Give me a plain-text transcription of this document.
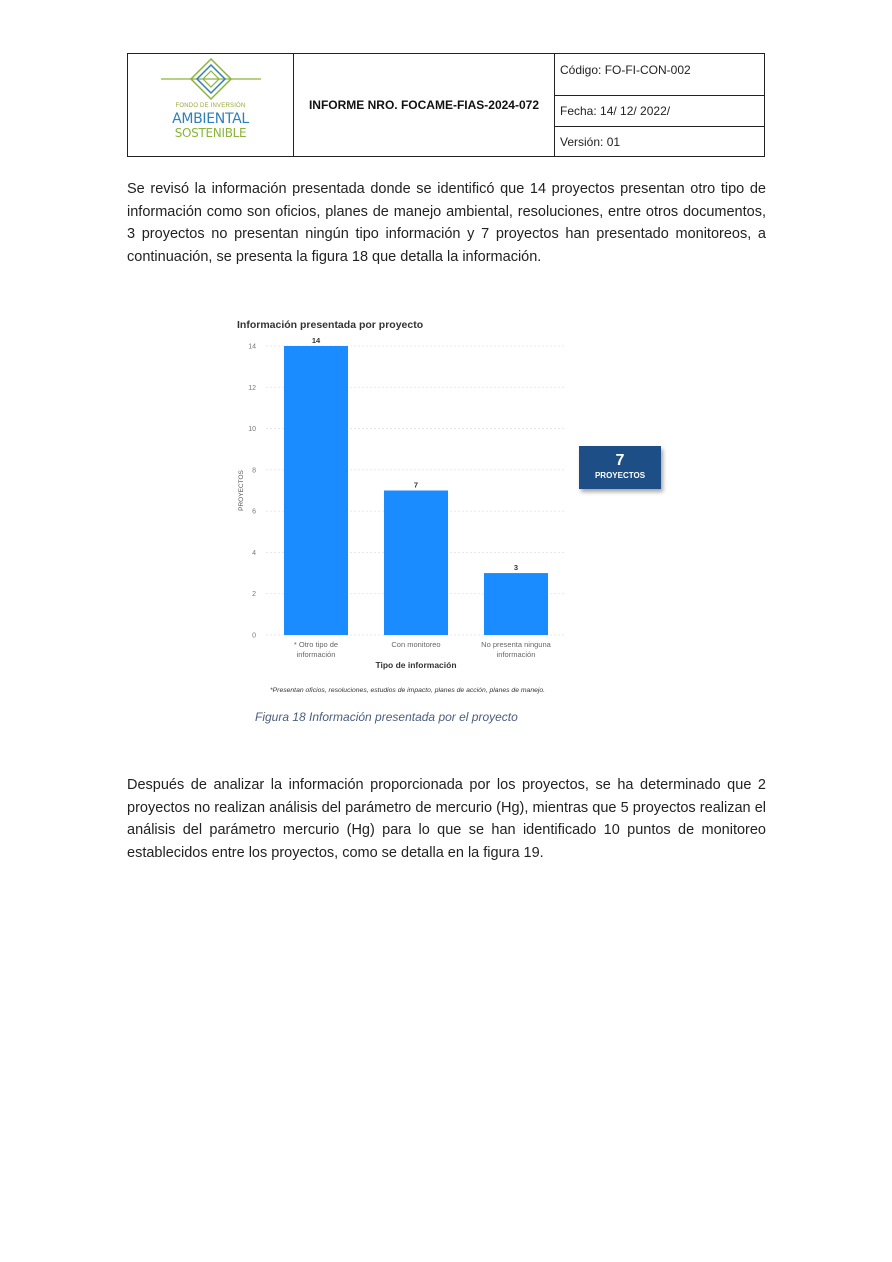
FONDO DE INVERSIÓN
AMBIENTAL
SOSTENIBLE
INFORME NRO. FOCAME-FIAS-2024-072
Código: FO-FI-CON-002
Fecha: 14/ 12/ 2022/
Versión: 01
Se revisó la información presentada donde se identificó que 14 proyectos presentan otro tipo de información como son oficios, planes de manejo ambiental, resoluciones, entre otros documentos, 3 proyectos no presentan ningún tipo información y 7 proyectos han presentado monitoreos, a continuación, se presenta la figura 18 que detalla la información.
Información presentada por proyecto
0
2
4
6
8
10
12
14
PROYECTOS
14
* Otro tipo de
información
7
Con monitoreo
3
No presenta ninguna
información
Tipo de información
*Presentan oficios, resoluciones, estudios de impacto, planes de acción, planes de manejo.
7
PROYECTOS
Figura 18 Información presentada por el proyecto
Después de analizar la información proporcionada por los proyectos, se ha determinado que 2 proyectos no realizan análisis del parámetro de mercurio (Hg), mientras que 5 proyectos realizan el análisis del parámetro mercurio (Hg) para lo que se han identificado 10 puntos de monitoreo establecidos entre los proyectos, como se detalla en la figura 19.
